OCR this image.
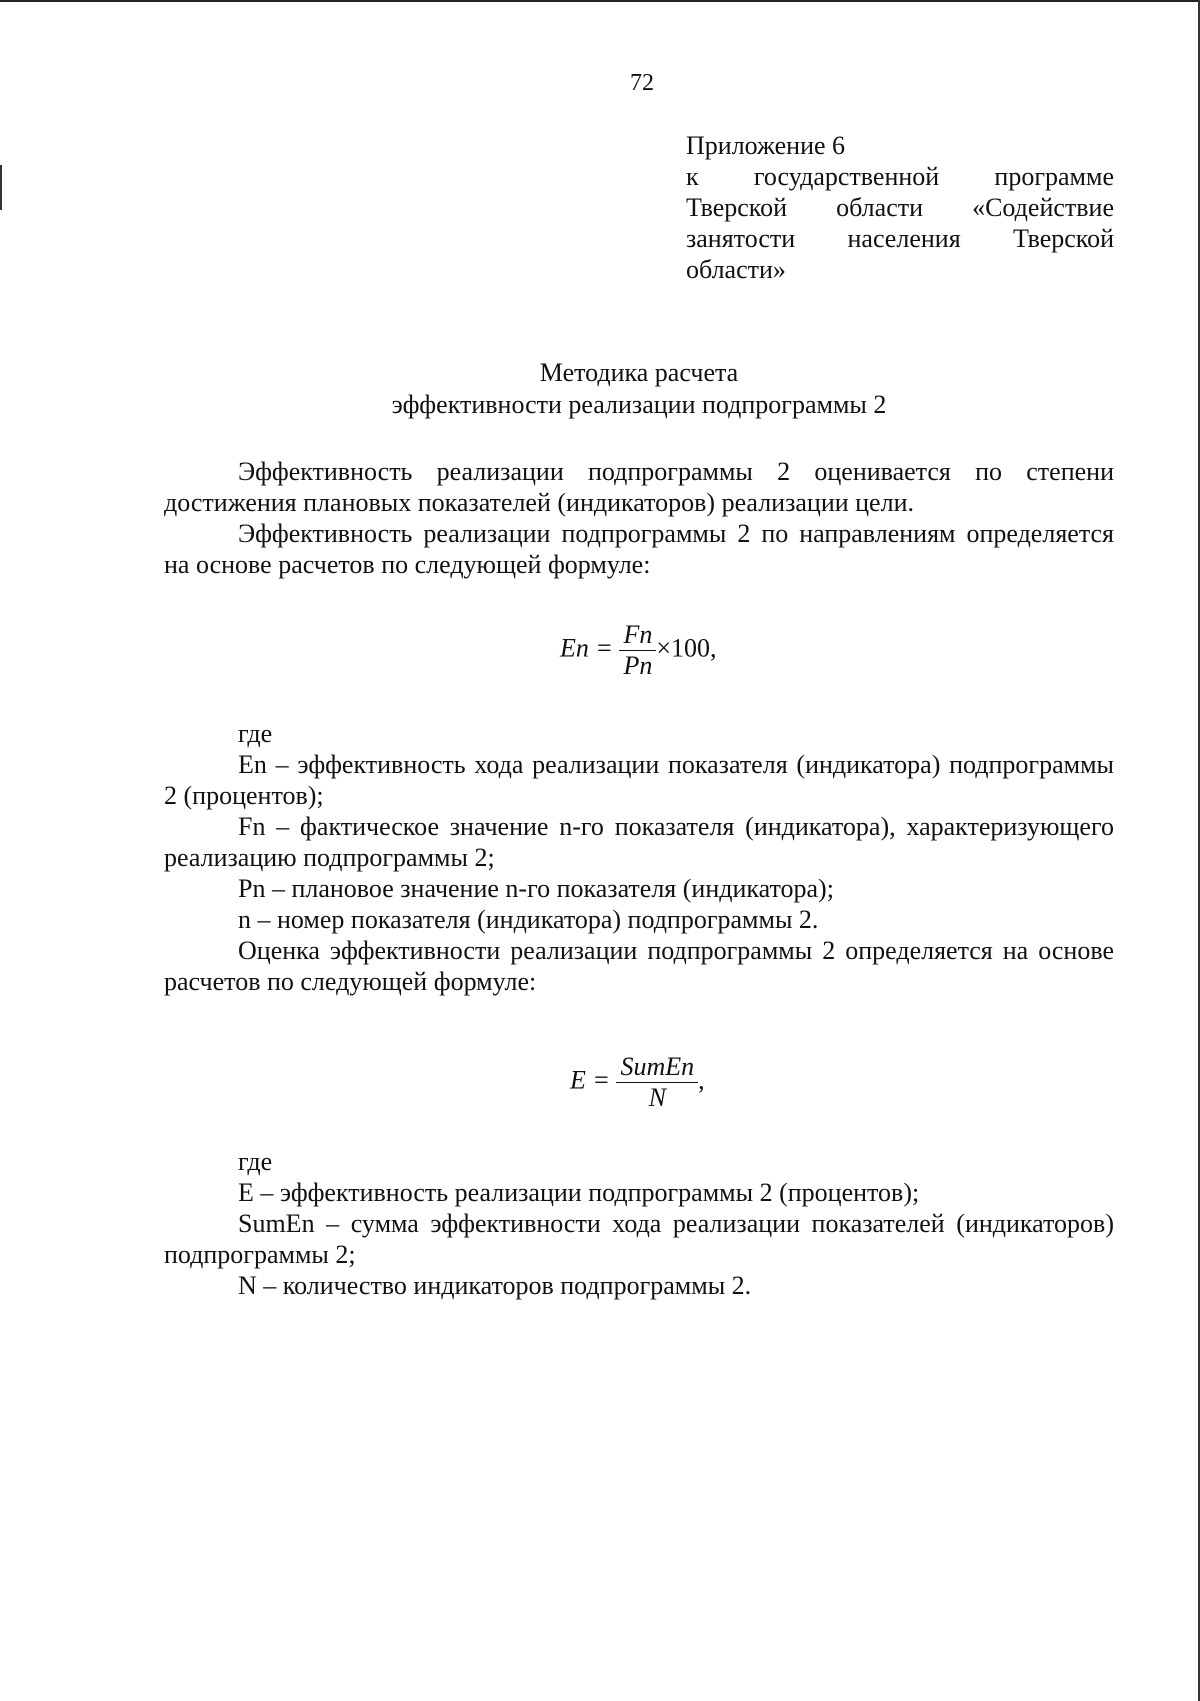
72
Приложение 6
к государственной программе
Тверской области «Содействие
занятости населения Тверской
области»
Методика расчета
эффективности реализации подпрограммы 2

Эффективность реализации подпрограммы 2 оценивается по степени достижения плановых показателей (индикаторов) реализации цели.

Эффективность реализации подпрограммы 2 по направлениям определяется на основе расчетов по следующей формуле:

$En = \frac{Fn}{Pn} \times 100$,

где

En – эффективность хода реализации показателя (индикатора) подпрограммы 2 (процентов);

Fn – фактическое значение n-го показателя (индикатора), характеризующего реализацию подпрограммы 2;

Pn – плановое значение n-го показателя (индикатора);

n – номер показателя (индикатора) подпрограммы 2.

Оценка эффективности реализации подпрограммы 2 определяется на основе расчетов по следующей формуле:

$E = \frac{\text{SumEn}}{N}$ ,

где

E – эффективность реализации подпрограммы 2 (процентов);

SumEn – сумма эффективности хода реализации показателей (индикаторов) подпрограммы 2;

N – количество индикаторов подпрограммы 2.
